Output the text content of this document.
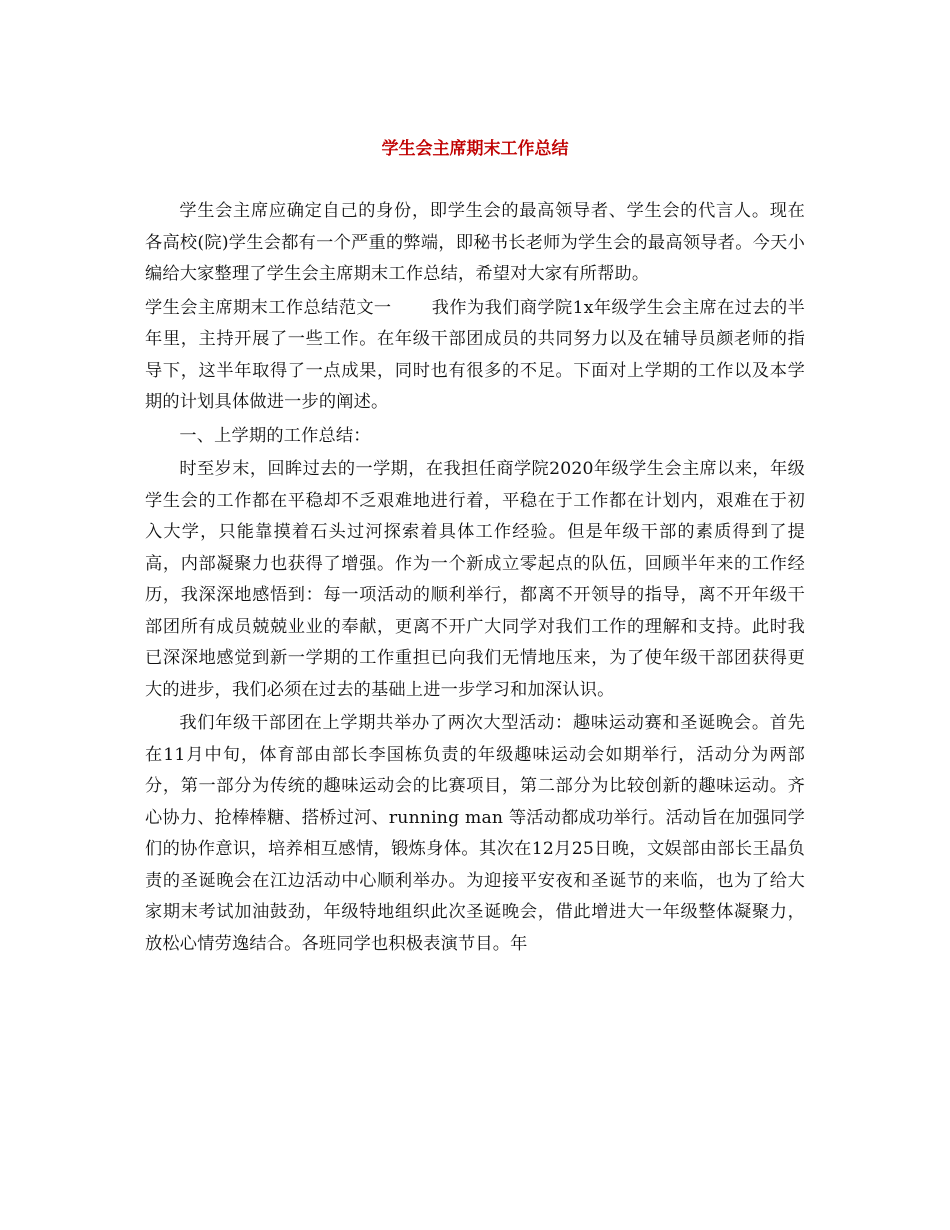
学生会主席期末工作总结

学生会主席应确定自己的身份，即学生会的最高领导者、学生会的代言人。现在各高校(院)学生会都有一个严重的弊端，即秘书长老师为学生会的最高领导者。今天小编给大家整理了学生会主席期末工作总结，希望对大家有所帮助。

学生会主席期末工作总结范文一 我作为我们商学院1x年级学生会主席在过去的半年里，主持开展了一些工作。在年级干部团成员的共同努力以及在辅导员颜老师的指导下，这半年取得了一点成果，同时也有很多的不足。下面对上学期的工作以及本学期的计划具体做进一步的阐述。

一、上学期的工作总结：

时至岁末，回眸过去的一学期，在我担任商学院2020年级学生会主席以来，年级学生会的工作都在平稳却不乏艰难地进行着，平稳在于工作都在计划内，艰难在于初入大学，只能靠摸着石头过河探索着具体工作经验。但是年级干部的素质得到了提高，内部凝聚力也获得了增强。作为一个新成立零起点的队伍，回顾半年来的工作经历，我深深地感悟到：每一项活动的顺利举行，都离不开领导的指导，离不开年级干部团所有成员兢兢业业的奉献，更离不开广大同学对我们工作的理解和支持。此时我已深深地感觉到新一学期的工作重担已向我们无情地压来，为了使年级干部团获得更大的进步，我们必须在过去的基础上进一步学习和加深认识。

我们年级干部团在上学期共举办了两次大型活动：趣味运动赛和圣诞晚会。首先在11月中旬，体育部由部长李国栋负责的年级趣味运动会如期举行，活动分为两部分，第一部分为传统的趣味运动会的比赛项目，第二部分为比较创新的趣味运动。齐心协力、抢棒棒糖、搭桥过河、running man 等活动都成功举行。活动旨在加强同学们的协作意识，培养相互感情，锻炼身体。其次在12月25日晚，文娱部由部长王晶负责的圣诞晚会在江边活动中心顺利举办。为迎接平安夜和圣诞节的来临，也为了给大家期末考试加油鼓劲，年级特地组织此次圣诞晚会，借此增进大一年级整体凝聚力，放松心情劳逸结合。各班同学也积极表演节目。年
